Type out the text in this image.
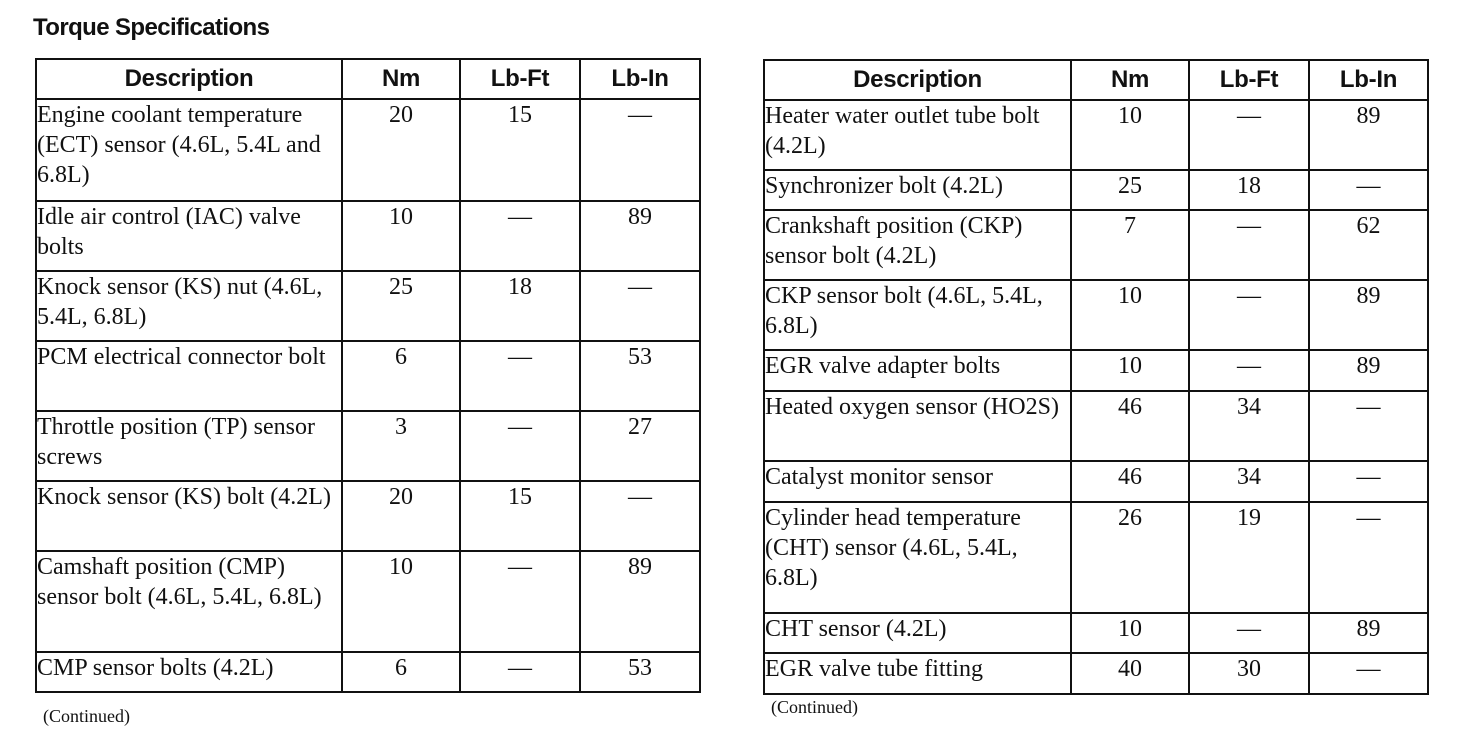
Torque Specifications
Description	Nm	Lb-Ft	Lb-In
Engine coolant temperature (ECT) sensor (4.6L, 5.4L and 6.8L)	20	15	—
Idle air control (IAC) valve bolts	10	—	89
Knock sensor (KS) nut (4.6L, 5.4L, 6.8L)	25	18	—
PCM electrical connector bolt	6	—	53
Throttle position (TP) sensor screws	3	—	27
Knock sensor (KS) bolt (4.2L)	20	15	—
Camshaft position (CMP) sensor bolt (4.6L, 5.4L, 6.8L)	10	—	89
CMP sensor bolts (4.2L)	6	—	53
(Continued)
Description	Nm	Lb-Ft	Lb-In
Heater water outlet tube bolt (4.2L)	10	—	89
Synchronizer bolt (4.2L)	25	18	—
Crankshaft position (CKP) sensor bolt (4.2L)	7	—	62
CKP sensor bolt (4.6L, 5.4L, 6.8L)	10	—	89
EGR valve adapter bolts	10	—	89
Heated oxygen sensor (HO2S)	46	34	—
Catalyst monitor sensor	46	34	—
Cylinder head temperature (CHT) sensor (4.6L, 5.4L, 6.8L)	26	19	—
CHT sensor (4.2L)	10	—	89
EGR valve tube fitting	40	30	—
(Continued)
